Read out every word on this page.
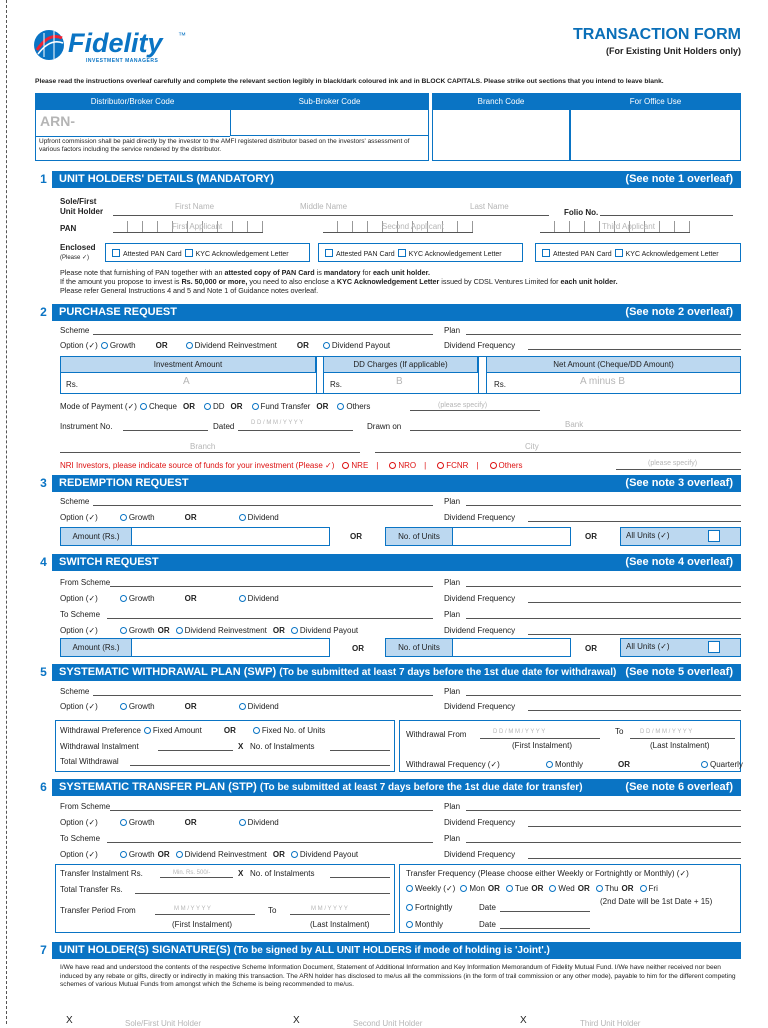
Fidelity ™
INVESTMENT MANAGERS
TRANSACTION FORM
(For Existing Unit Holders only)
Please read the instructions overleaf carefully and complete the relevant section legibly in black/dark coloured ink and in BLOCK CAPITALS. Please strike out sections that you intend to leave blank.
Distributor/Broker Code	Sub-Broker Code
ARN-
Upfront commission shall be paid directly by the investor to the AMFI registered distributor based on the investors' assessment of various factors including the service rendered by the distributor.
Branch Code	For Office Use
1	UNIT HOLDERS' DETAILS (MANDATORY)	(See note 1 overleaf)
Sole/First
Unit Holder
First Name	Middle Name	Last Name
Folio No.
PAN	First Applicant	Second Applicant	Third Applicant
Enclosed
(Please ✓)	Attested PAN Card KYC Acknowledgement Letter	Attested PAN Card KYC Acknowledgement Letter	Attested PAN Card KYC Acknowledgement Letter
Please note that furnishing of PAN together with an attested copy of PAN Card is mandatory for each unit holder.
If the amount you propose to invest is Rs. 50,000 or more, you need to also enclose a KYC Acknowledgement Letter issued by CDSL Ventures Limited for each unit holder.
Please refer General Instructions 4 and 5 and Note 1 of Guidance notes overleaf.
2	PURCHASE REQUEST	(See note 2 overleaf)
Scheme	Plan
Option (✓) Growth	OR	Dividend Reinvestment	OR	Dividend Payout	Dividend Frequency
Investment Amount	DD Charges (If applicable)	Net Amount (Cheque/DD Amount)
Rs.	A	Rs.	B	Rs.	A minus B
Mode of Payment (✓) Cheque OR DD OR Fund Transfer OR Others	(please specify)
Instrument No.	Dated	D D / M M / Y Y Y Y	Drawn on	Bank
Branch	City
NRI Investors, please indicate source of funds for your investment (Please ✓) NRE |	NRO |	FCNR |	Others	(please specify)
3	REDEMPTION REQUEST	(See note 3 overleaf)
Scheme	Plan
Option (✓)	Growth	OR	Dividend	Dividend Frequency
Amount (Rs.)	OR	No. of Units	OR	All Units (✓)
4	SWITCH REQUEST	(See note 4 overleaf)
From Scheme	Plan
Option (✓)	Growth	OR	Dividend	Dividend Frequency
To Scheme	Plan
Option (✓)	Growth OR Dividend Reinvestment OR Dividend Payout	Dividend Frequency
Amount (Rs.)	OR	No. of Units	OR	All Units (✓)
5	SYSTEMATIC WITHDRAWAL PLAN (SWP) (To be submitted at least 7 days before the 1st due date for withdrawal) (See note 5 overleaf)
Scheme	Plan
Option (✓)	Growth	OR	Dividend	Dividend Frequency
Withdrawal Preference Fixed Amount	OR	Fixed No. of Units
Withdrawal Instalment	X No. of Instalments
Total Withdrawal
Withdrawal From	D D / M M / Y Y Y Y
(First Instalment)
To	D D / M M / Y Y Y Y
(Last Instalment)
Withdrawal Frequency (✓)	Monthly	OR	Quarterly
6	SYSTEMATIC TRANSFER PLAN (STP) (To be submitted at least 7 days before the 1st due date for transfer)	(See note 6 overleaf)
From Scheme	Plan
Option (✓)	Growth	OR	Dividend	Dividend Frequency
To Scheme	Plan
Option (✓)	Growth OR Dividend Reinvestment OR Dividend Payout	Dividend Frequency
Transfer Instalment Rs.	Min. Rs. 500/-	X No. of Instalments
Total Transfer Rs.
Transfer Period From	M M / Y Y Y Y
(First Instalment)
To	M M / Y Y Y Y
(Last Instalment)
Transfer Frequency (Please choose either Weekly or Fortnightly or Monthly) (✓)
Weekly (✓) Mon OR Tue OR Wed OR Thu OR Fri
(2nd Date will be 1st Date + 15)
Fortnightly	Date
Monthly	Date
7	UNIT HOLDER(S) SIGNATURE(S) (To be signed by ALL UNIT HOLDERS if mode of holding is 'Joint'.)
I/We have read and understood the contents of the respective Scheme Information Document, Statement of Additional Information and Key Information Memorandum of Fidelity Mutual Fund. I/We have neither received nor been induced by any rebate or gifts, directly or indirectly in making this transaction. The ARN holder has disclosed to me/us all the commissions (in the form of trail commission or any other mode), payable to him for the different competing schemes of various Mutual Funds from amongst which the Scheme is being recommended to me/us.
X	Sole/First Unit Holder	X	Second Unit Holder	X	Third Unit Holder
